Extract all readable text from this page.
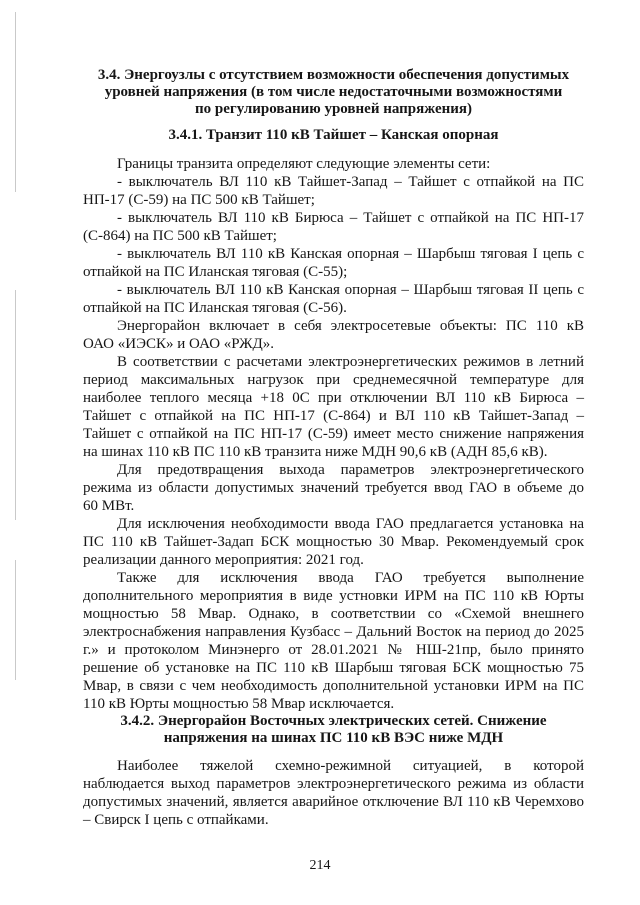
3.4. Энергоузлы с отсутствием возможности обеспечения допустимых
уровней напряжения (в том числе недостаточными возможностями
по регулированию уровней напряжения)
3.4.1. Транзит 110 кВ Тайшет – Канская опорная
Границы транзита определяют следующие элементы сети:
- выключатель ВЛ 110 кВ Тайшет-Запад – Тайшет с отпайкой на ПС
НП-17 (С-59) на ПС 500 кВ Тайшет;
- выключатель ВЛ 110 кВ Бирюса – Тайшет с отпайкой на ПС НП-17
(С-864) на ПС 500 кВ Тайшет;
- выключатель ВЛ 110 кВ Канская опорная – Шарбыш тяговая I цепь с
отпайкой на ПС Иланская тяговая (С-55);
- выключатель ВЛ 110 кВ Канская опорная – Шарбыш тяговая II цепь с
отпайкой на ПС Иланская тяговая (С-56).
Энергорайон включает в себя электросетевые объекты: ПС 110 кВ
ОАО «ИЭСК» и ОАО «РЖД».
В соответствии с расчетами электроэнергетических режимов в летний
период максимальных нагрузок при среднемесячной температуре для
наиболее теплого месяца +18 0С при отключении ВЛ 110 кВ Бирюса –
Тайшет с отпайкой на ПС НП-17 (С-864) и ВЛ 110 кВ Тайшет-Запад –
Тайшет с отпайкой на ПС НП-17 (С-59) имеет место снижение напряжения
на шинах 110 кВ ПС 110 кВ транзита ниже МДН 90,6 кВ (АДН 85,6 кВ).
Для предотвращения выхода параметров электроэнергетического
режима из области допустимых значений требуется ввод ГАО в объеме до
60 МВт.
Для исключения необходимости ввода ГАО предлагается установка на
ПС 110 кВ Тайшет-Задап БСК мощностью 30 Мвар. Рекомендуемый срок
реализации данного мероприятия: 2021 год.
Также для исключения ввода ГАО требуется выполнение
дополнительного мероприятия в виде устновки ИРМ на ПС 110 кВ Юрты
мощностью 58 Мвар. Однако, в соответствии со «Схемой внешнего
электроснабжения направления Кузбасс – Дальний Восток на период до 2025
г.» и протоколом Минэнерго от 28.01.2021 № НШ-21пр, было принято
решение об установке на ПС 110 кВ Шарбыш тяговая БСК мощностью 75
Мвар, в связи с чем необходимость дополнительной установки ИРМ на ПС
110 кВ Юрты мощностью 58 Мвар исключается.
3.4.2. Энергорайон Восточных электрических сетей. Снижение
напряжения на шинах ПС 110 кВ ВЭС ниже МДН
Наиболее тяжелой схемно-режимной ситуацией, в которой
наблюдается выход параметров электроэнергетического режима из области
допустимых значений, является аварийное отключение ВЛ 110 кВ Черемхово
– Свирск I цепь с отпайками.
214
